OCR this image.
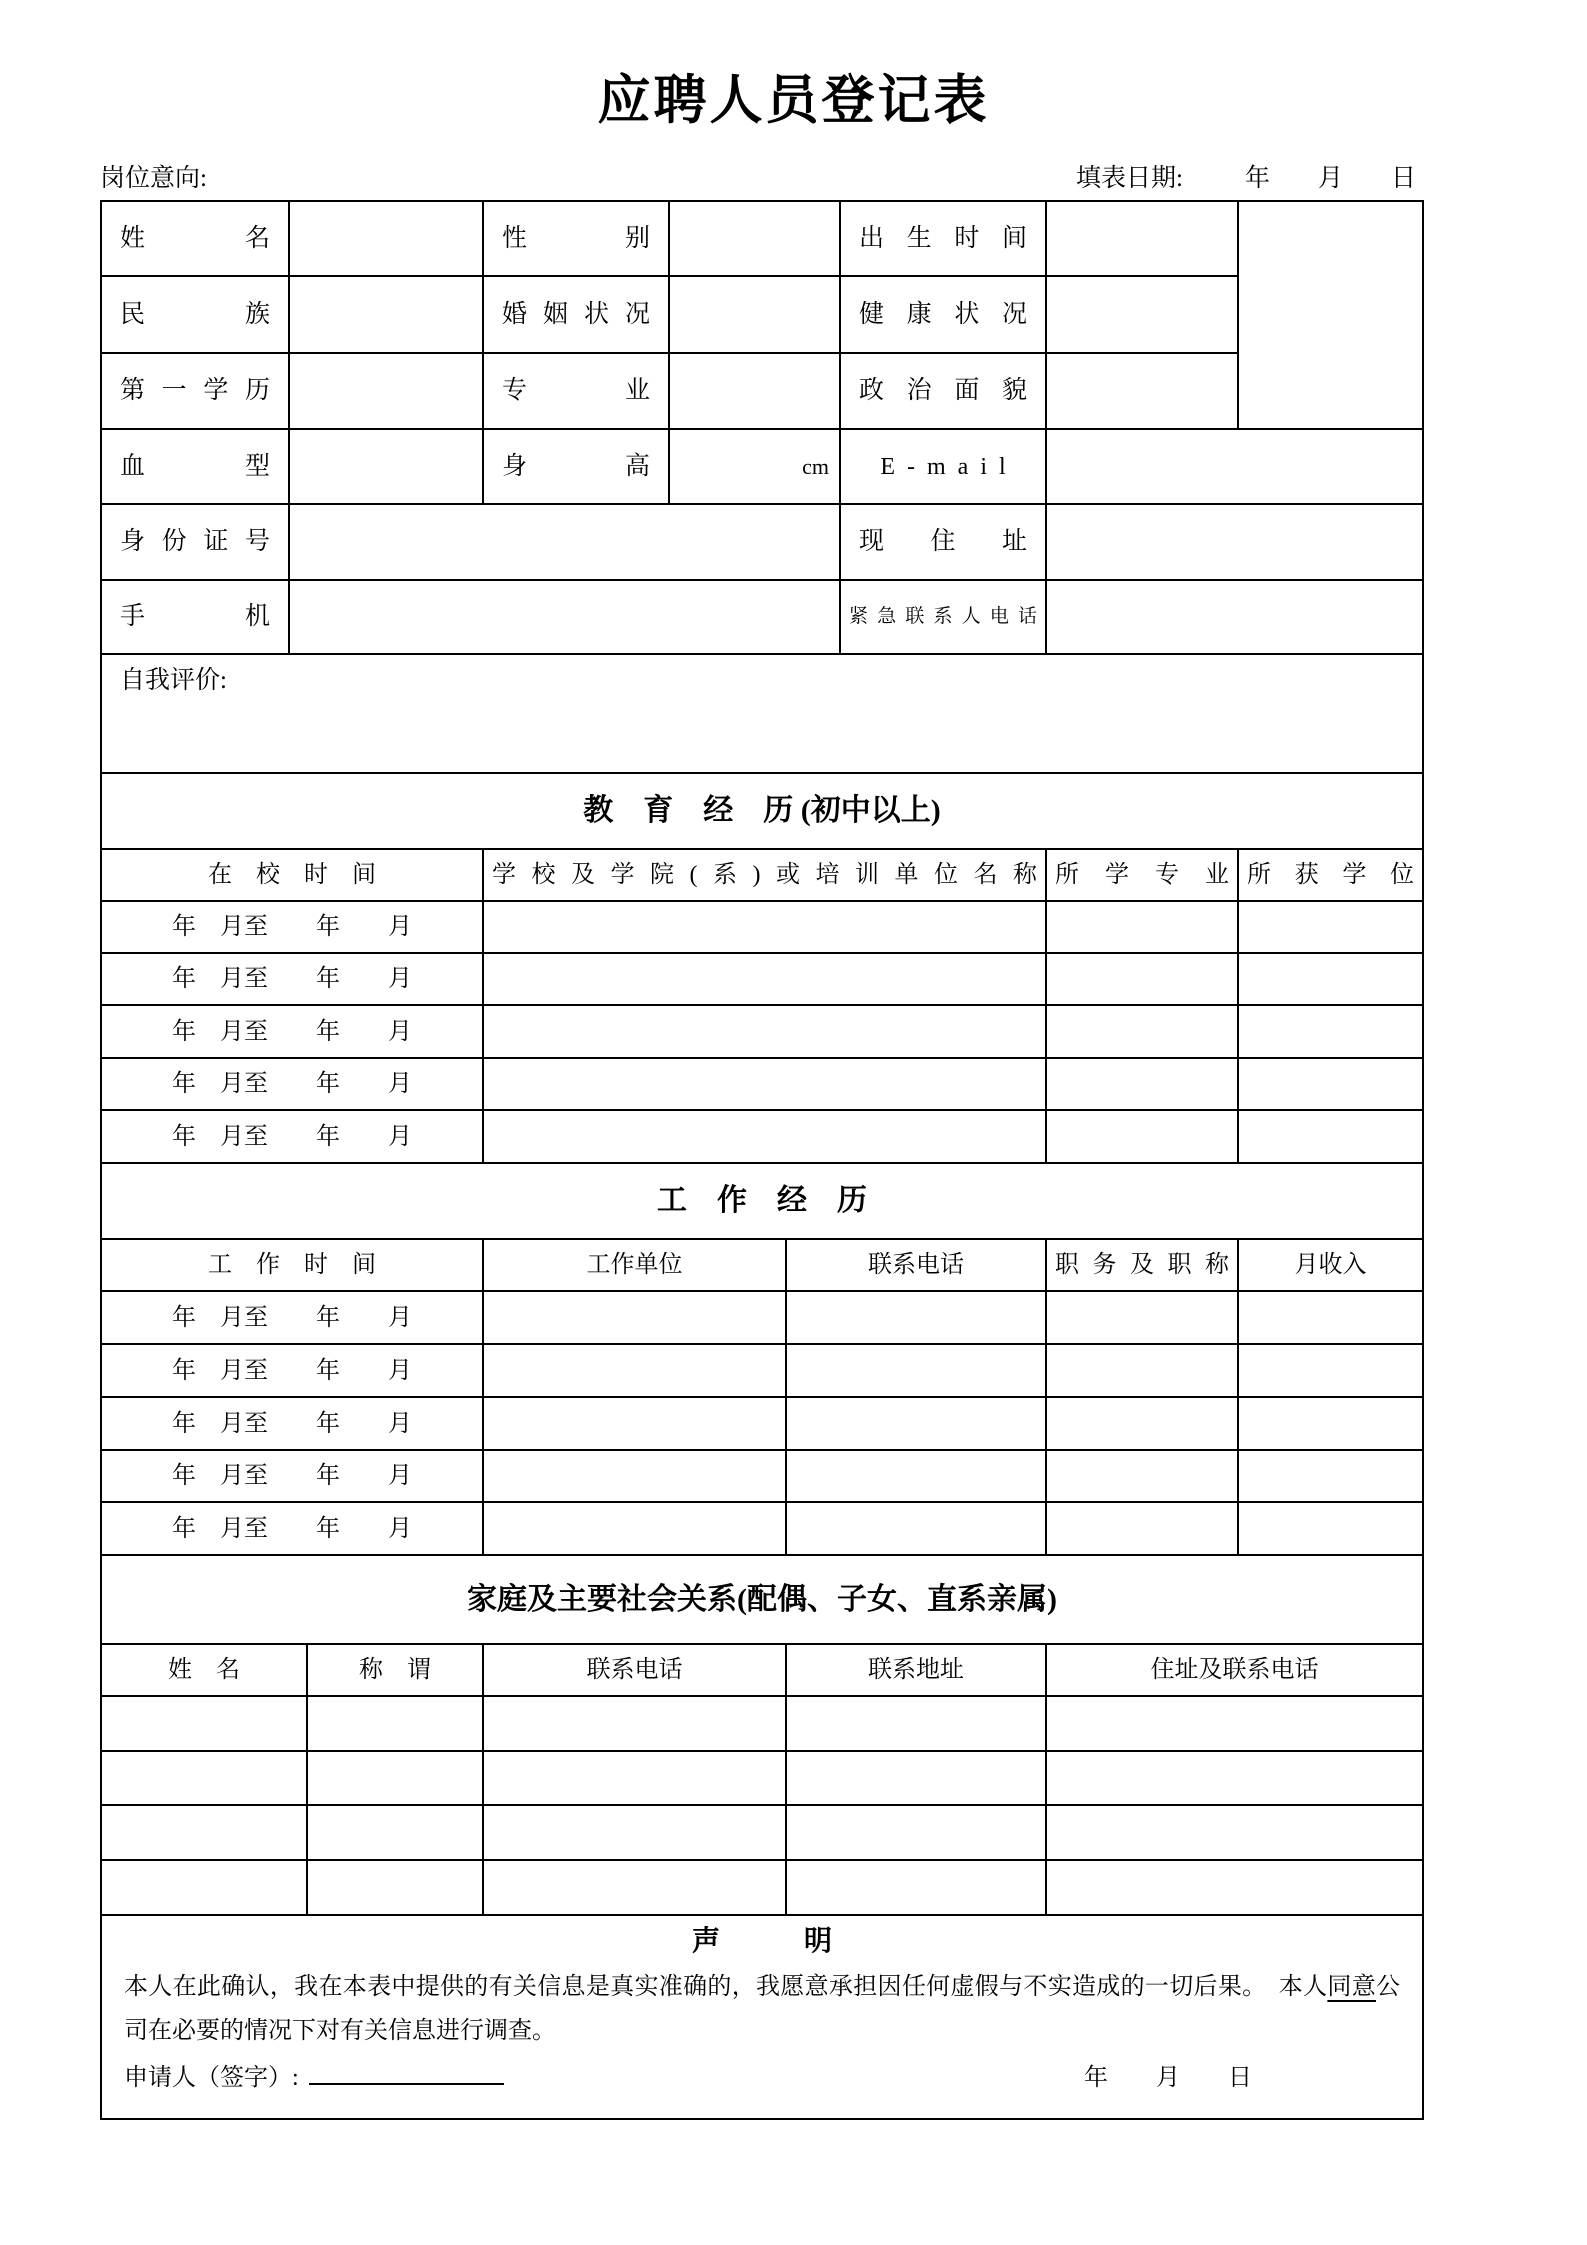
应聘人员登记表
岗位意向:	填表日期: 年 月 日
姓名			性别			出生时间		
民族			婚姻状况			健康状况		
第一学历			专业			政治面貌		
血型			身高	cm		E-mail		
身份证号						现住址		
手机						紧急联系人电话		
自我评价:								
教　育　经　历 (初中以上)								
在　校　时　间			学校及学院(系)或培训单位名称				所学专业	所获学位
年　月至　　年　　月								
年　月至　　年　　月								
年　月至　　年　　月								
年　月至　　年　　月								
年　月至　　年　　月								
工　作　经　历								
工　作　时　间			工作单位		联系电话		职务及职称	月收入
年　月至　　年　　月								
年　月至　　年　　月								
年　月至　　年　　月								
年　月至　　年　　月								
年　月至　　年　　月								
家庭及主要社会关系(配偶、子女、直系亲属)								
姓　名		称　谓	联系电话		联系地址		住址及联系电话	

声　　　明
本人在此确认，我在本表中提供的有关信息是真实准确的，我愿意承担因任何虚假与不实造成的一切后果。　本人同意公司在必要的情况下对有关信息进行调查。
申请人（签字）: 年　　月　　日								
